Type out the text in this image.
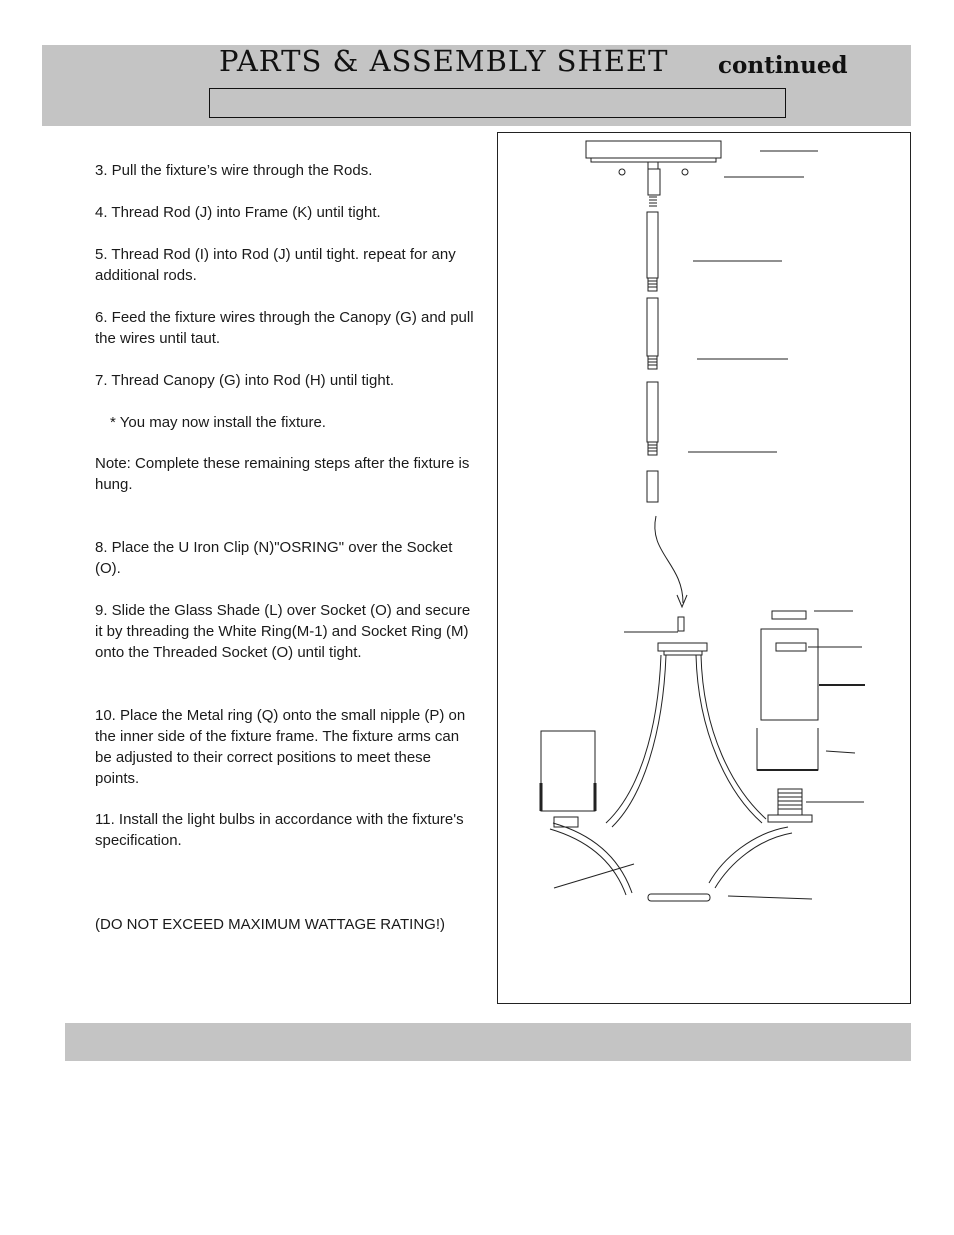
PARTS & ASSEMBLY SHEET continued

3. Pull the fixture’s wire through the Rods.

4. Thread Rod (J) into Frame (K) until tight.

5. Thread Rod (I) into Rod (J) until tight. repeat for any additional rods.

6. Feed the fixture wires through the Canopy (G) and pull the wires until taut.

7. Thread Canopy (G) into Rod (H) until tight.

* You may now install the fixture.

Note: Complete these remaining steps after the fixture is hung.

8. Place the U Iron Clip (N)"OSRING" over the Socket (O).

9. Slide the Glass Shade (L) over Socket (O) and secure it by threading the White Ring(M-1) and Socket Ring (M) onto the Threaded Socket (O) until tight.

10. Place the Metal ring (Q) onto the small nipple (P) on the inner side of the fixture frame. The fixture arms can be adjusted to their correct positions to meet these points.

11. Install the light bulbs in accordance with the fixture's specification.

(DO NOT EXCEED MAXIMUM WATTAGE RATING!)
